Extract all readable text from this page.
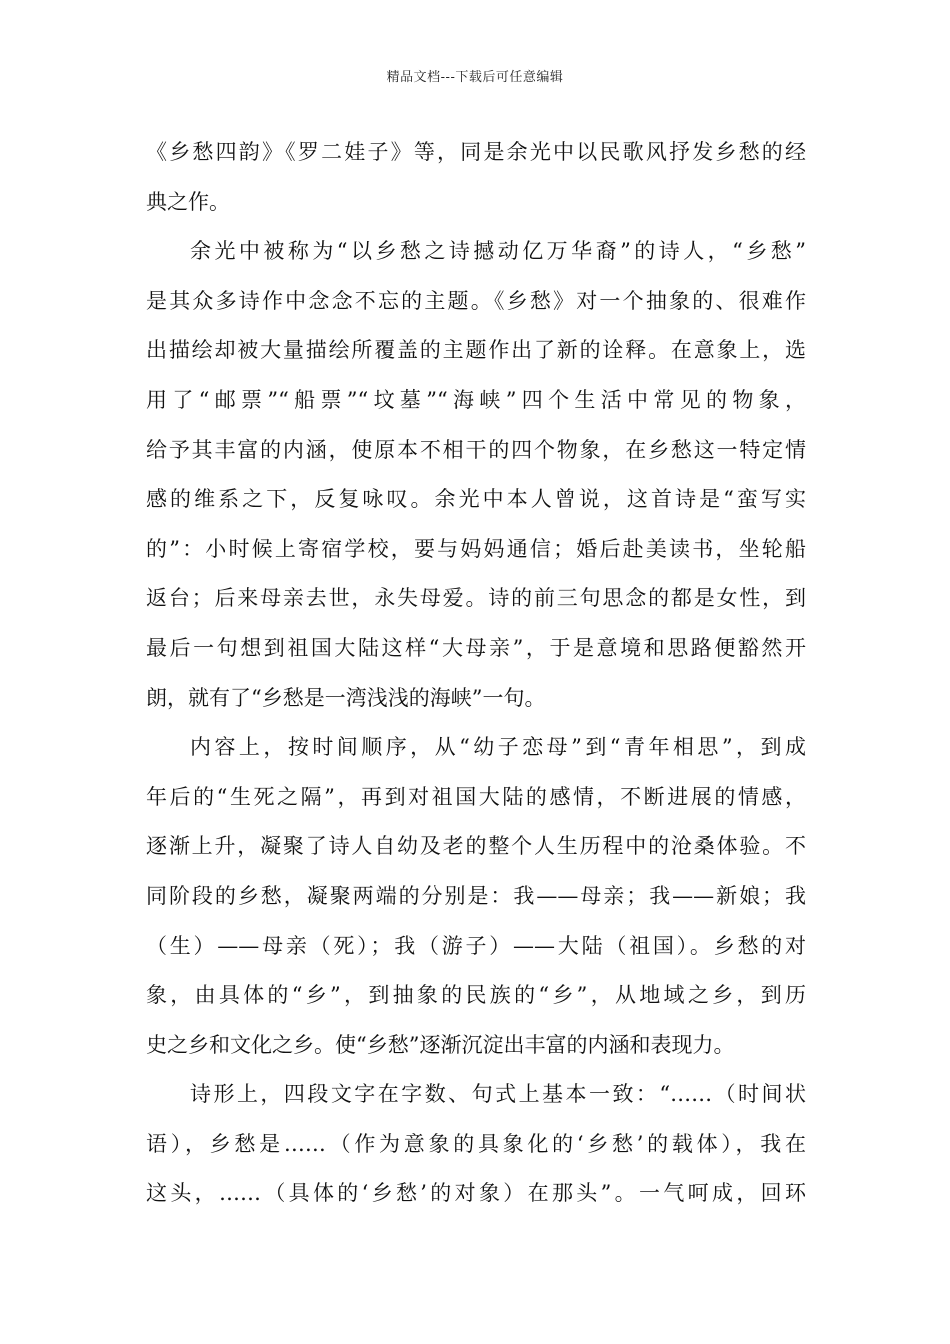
精品文档---下载后可任意编辑
《乡愁四韵》《罗二娃子》等，同是余光中以民歌风抒发乡愁的经
典之作。
余光中被称为“以乡愁之诗撼动亿万华裔”的诗人，“乡愁”
是其众多诗作中念念不忘的主题。《乡愁》对一个抽象的、很难作
出描绘却被大量描绘所覆盖的主题作出了新的诠释。在意象上，选
用了“邮票”“船票”“坟墓”“海峡”四个生活中常见的物象，
给予其丰富的内涵，使原本不相干的四个物象，在乡愁这一特定情
感的维系之下，反复咏叹。余光中本人曾说，这首诗是“蛮写实
的”：小时候上寄宿学校，要与妈妈通信；婚后赴美读书，坐轮船
返台；后来母亲去世，永失母爱。诗的前三句思念的都是女性，到
最后一句想到祖国大陆这样“大母亲”，于是意境和思路便豁然开
朗，就有了“乡愁是一湾浅浅的海峡”一句。
内容上，按时间顺序，从“幼子恋母”到“青年相思”，到成
年后的“生死之隔”，再到对祖国大陆的感情，不断进展的情感，
逐渐上升，凝聚了诗人自幼及老的整个人生历程中的沧桑体验。不
同阶段的乡愁，凝聚两端的分别是：我——母亲；我——新娘；我
（生）——母亲（死）；我（游子）——大陆（祖国）。乡愁的对
象，由具体的“乡”，到抽象的民族的“乡”，从地域之乡，到历
史之乡和文化之乡。使“乡愁”逐渐沉淀出丰富的内涵和表现力。
诗形上，四段文字在字数、句式上基本一致：“……（时间状
语），乡愁是……（作为意象的具象化的‘乡愁’的载体），我在
这头，……（具体的‘乡愁’的对象）在那头”。一气呵成，回环
